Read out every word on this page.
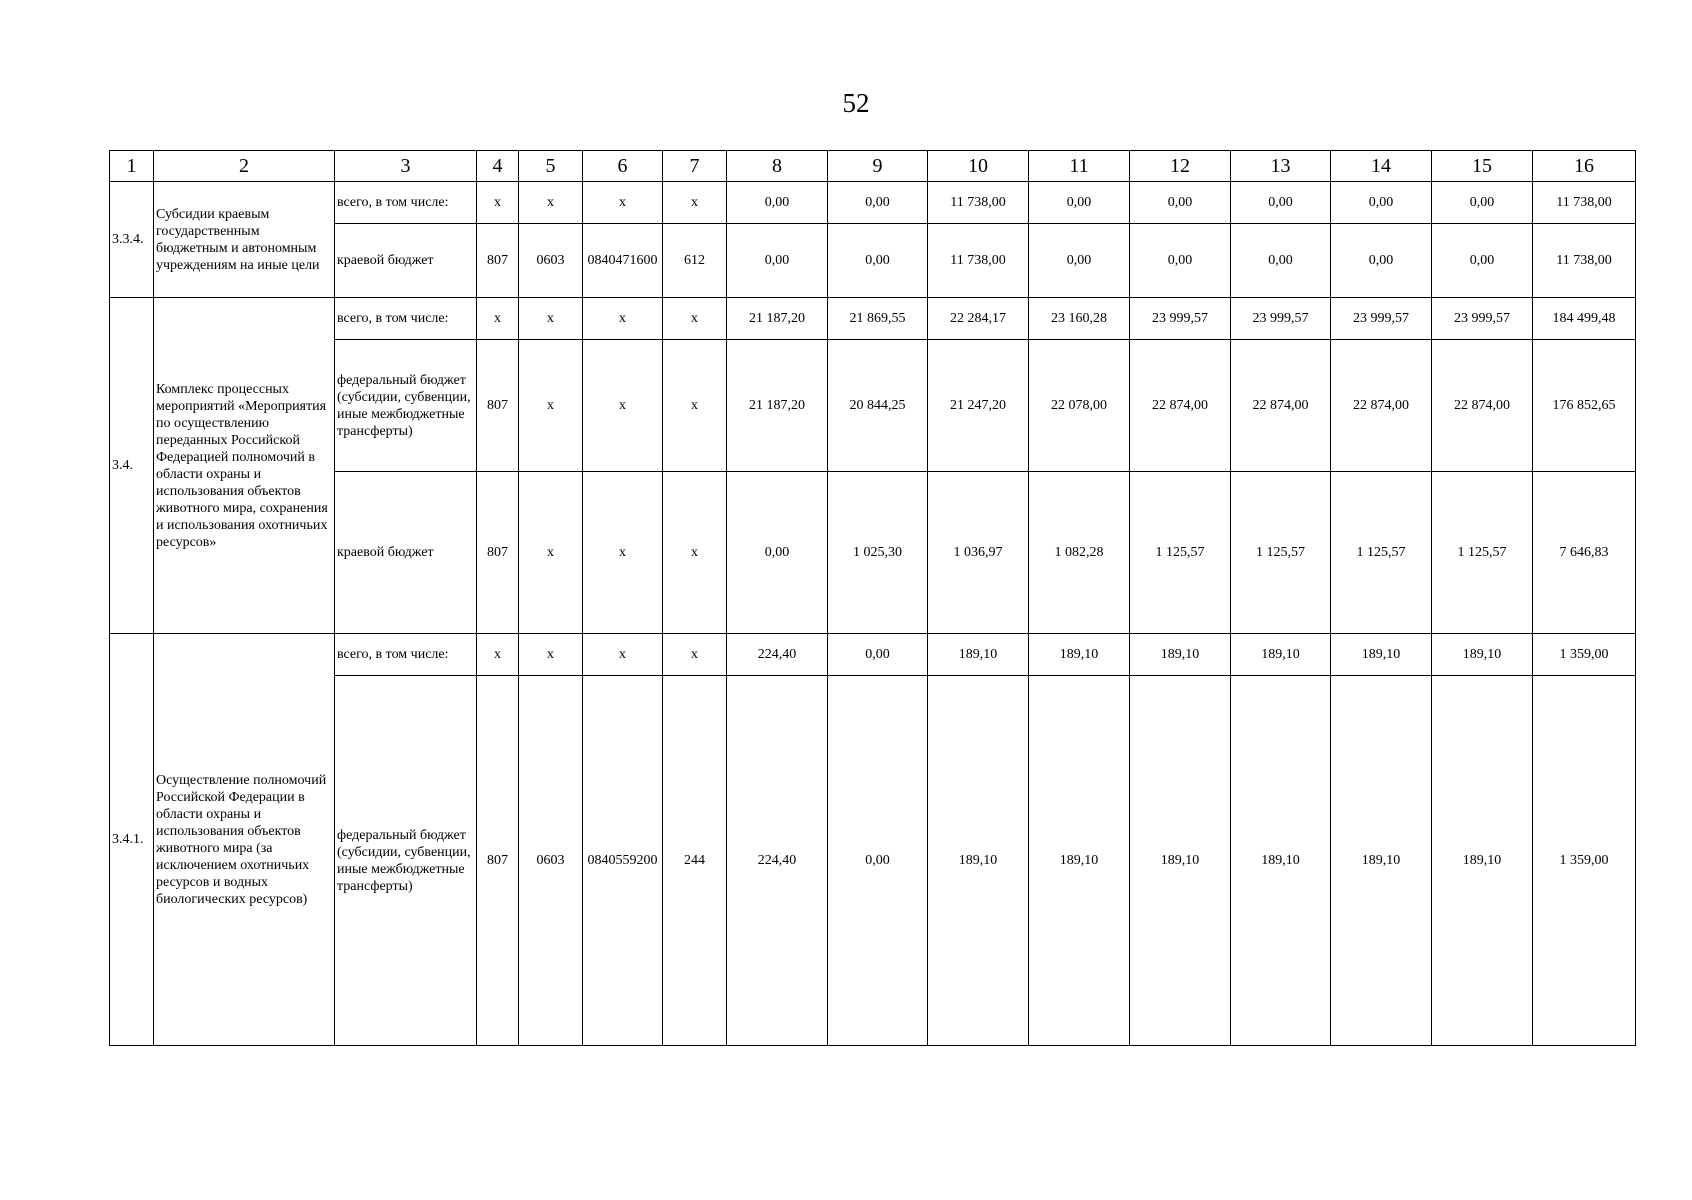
52
1	2	3	4	5	6	7	8	9	10	11	12	13	14	15	16
3.3.4.	Субсидии краевым государственным бюджетным и автономным учреждениям на иные цели	всего, в том числе:	x	x	x	x	0,00	0,00	11 738,00	0,00	0,00	0,00	0,00	0,00	11 738,00
		краевой бюджет	807	0603	0840471600	612	0,00	0,00	11 738,00	0,00	0,00	0,00	0,00	0,00	11 738,00
3.4.	Комплекс процессных мероприятий «Мероприятия по осуществлению переданных Российской Федерацией полномочий в области охраны и использования объектов животного мира, сохранения и использования охотничьих ресурсов»	всего, в том числе:	x	x	x	x	21 187,20	21 869,55	22 284,17	23 160,28	23 999,57	23 999,57	23 999,57	23 999,57	184 499,48
		федеральный бюджет (субсидии, субвенции, иные межбюджетные трансферты)	807	x	x	x	21 187,20	20 844,25	21 247,20	22 078,00	22 874,00	22 874,00	22 874,00	22 874,00	176 852,65
		краевой бюджет	807	x	x	x	0,00	1 025,30	1 036,97	1 082,28	1 125,57	1 125,57	1 125,57	1 125,57	7 646,83
3.4.1.	Осуществление полномочий Российской Федерации в области охраны и использования объектов животного мира (за исключением охотничьих ресурсов и водных биологических ресурсов)	всего, в том числе:	x	x	x	x	224,40	0,00	189,10	189,10	189,10	189,10	189,10	189,10	1 359,00
		федеральный бюджет (субсидии, субвенции, иные межбюджетные трансферты)	807	0603	0840559200	244	224,40	0,00	189,10	189,10	189,10	189,10	189,10	189,10	1 359,00
